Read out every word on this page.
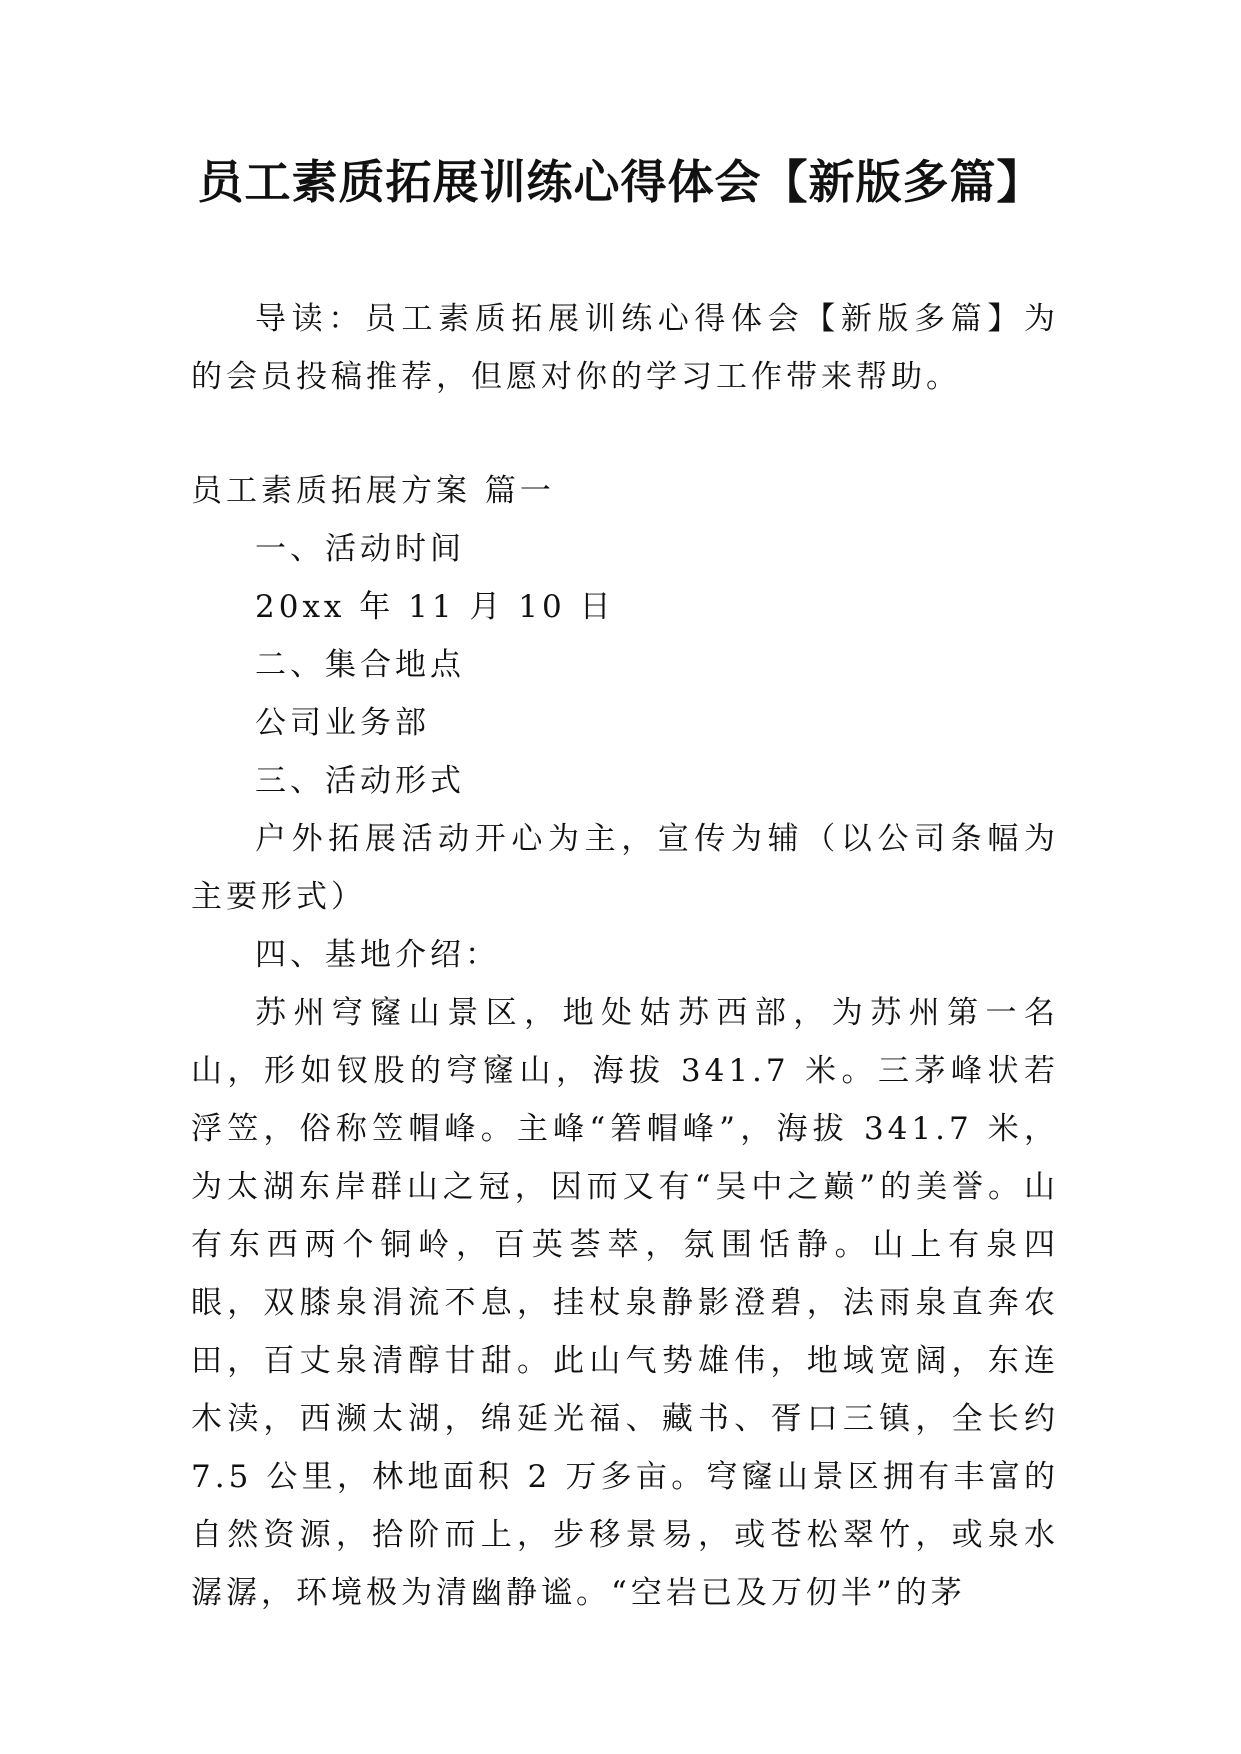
员工素质拓展训练心得体会【新版多篇】

导读：员工素质拓展训练心得体会【新版多篇】为的会员投稿推荐，但愿对你的学习工作带来帮助。

员工素质拓展方案 篇一

一、活动时间

20xx 年 11 月 10 日

二、集合地点

公司业务部

三、活动形式

户外拓展活动开心为主，宣传为辅（以公司条幅为主要形式）

四、基地介绍：

苏州穹窿山景区，地处姑苏西部，为苏州第一名山，形如钗股的穹窿山，海拔 341.7 米。三茅峰状若浮笠，俗称笠帽峰。主峰“箬帽峰”，海拔 341.7 米，为太湖东岸群山之冠，因而又有“吴中之巅”的美誉。山有东西两个铜岭，百英荟萃，氛围恬静。山上有泉四眼，双膝泉涓流不息，挂杖泉静影澄碧，法雨泉直奔农田，百丈泉清醇甘甜。此山气势雄伟，地域宽阔，东连木渎，西濒太湖，绵延光福、藏书、胥口三镇，全长约 7.5 公里，林地面积 2 万多亩。穹窿山景区拥有丰富的自然资源，拾阶而上，步移景易，或苍松翠竹，或泉水潺潺，环境极为清幽静谧。“空岩已及万仞半”的茅
